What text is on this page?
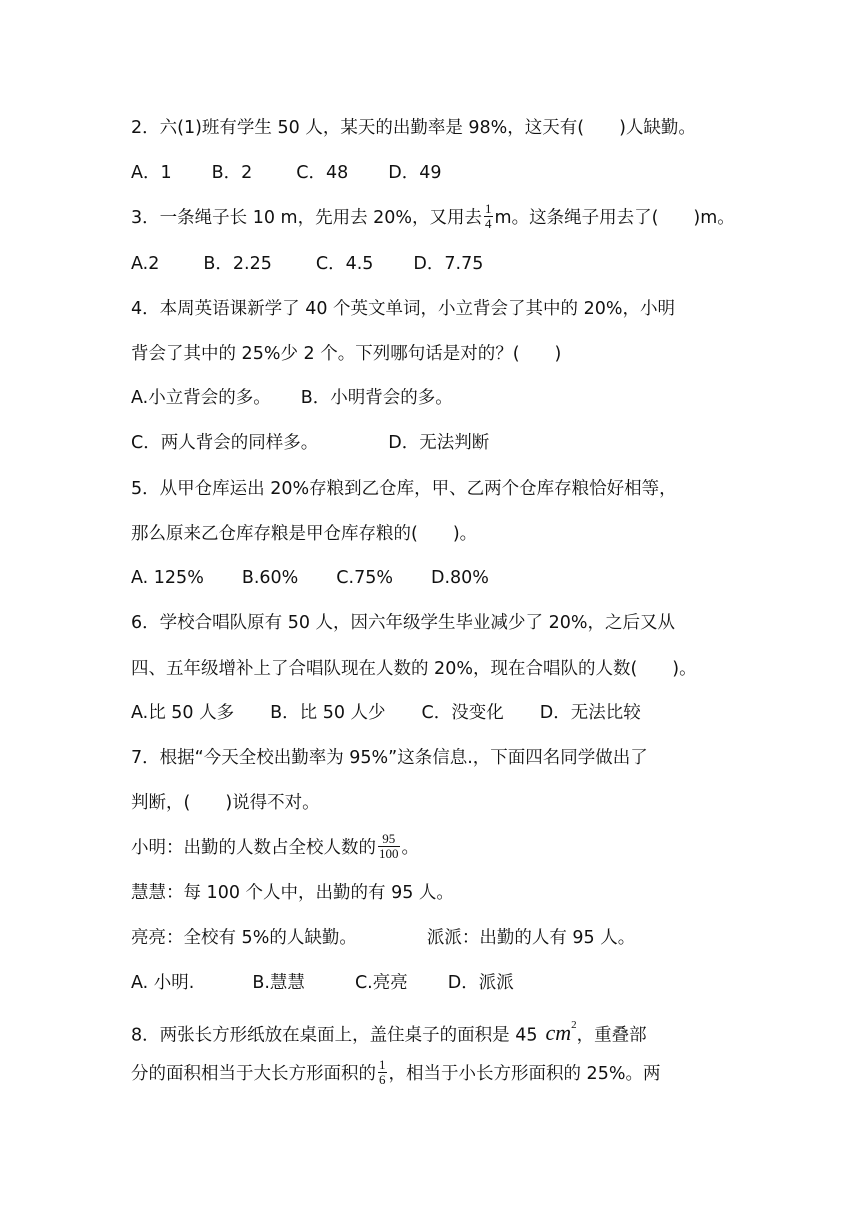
2．六(1)班有学生 50 人，某天的出勤率是 98%，这天有(　　)人缺勤。
A．1 B．2	C．48 D．49
3．一条绳子长 10 m，先用去 20%，又用去 $\frac{1}{4}$ m。这条绳子用去了(　　)m。
A.2	B．2.25	C．4.5 D．7.75
4．本周英语课新学了 40 个英文单词，小立背会了其中的 20%，小明
背会了其中的 25%少 2 个。下列哪句话是对的？(　　)
A.小立背会的多。 B．小明背会的多。
C．两人背会的同样多。	D．无法判断
5．从甲仓库运出 20%存粮到乙仓库，甲、乙两个仓库存粮恰好相等，
那么原来乙仓库存粮是甲仓库存粮的(　　)。
A. 125% B.60% C.75% D.80%
6．学校合唱队原有 50 人，因六年级学生毕业减少了 20%，之后又从
四、五年级增补上了合唱队现在人数的 20%，现在合唱队的人数(　　)。
A.比 50 人多 B．比 50 人少 C．没变化 D．无法比较
7．根据“今天全校出勤率为 95%”这条信息.，下面四名同学做出了
判断，(　　)说得不对。
小明：出勤的人数占全校人数的 $\frac{95}{100}$ 。
慧慧：每 100 个人中，出勤的有 95 人。
亮亮：全校有 5%的人缺勤。	派派：出勤的人有 95 人。
A. 小明.	B.慧慧	C.亮亮 D．派派
8．两张长方形纸放在桌面上，盖住桌子的面积是 45 $cm^2$，重叠部
分的面积相当于大长方形面积的 $\frac{1}{6}$ ，相当于小长方形面积的 25%。两
